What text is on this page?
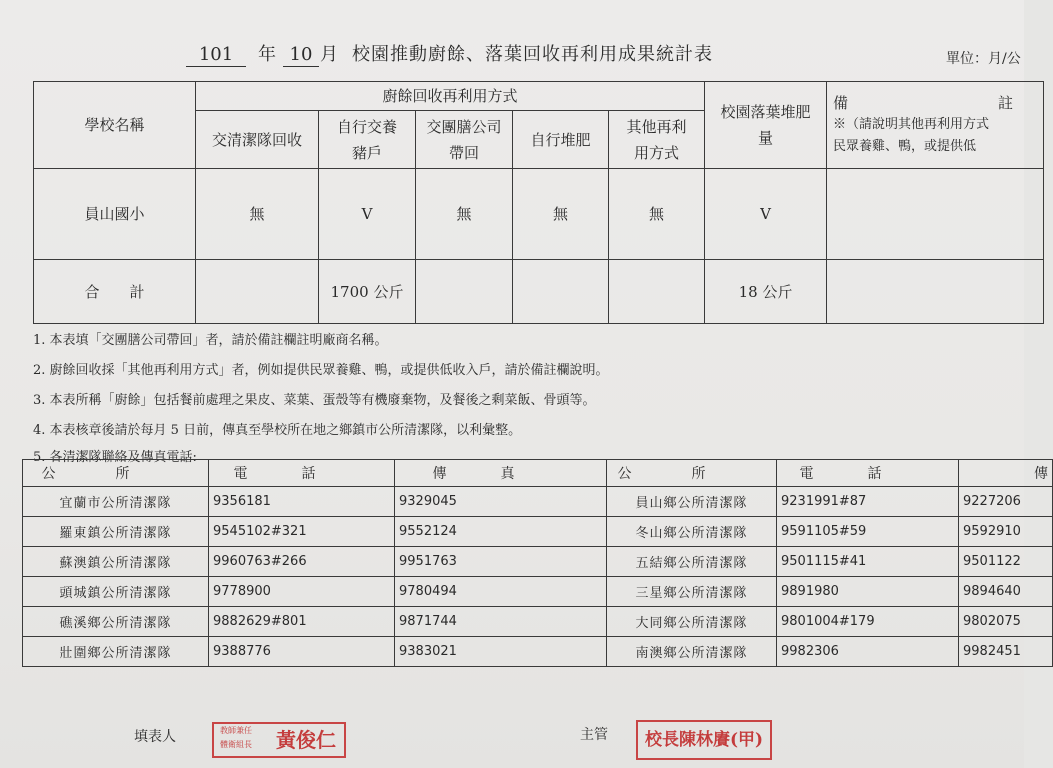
101	年 10 月 校園推動廚餘、落葉回收再利用成果統計表	單位：月/公
學校名稱	廚餘回收再利用方式					校園落葉堆肥量	備　　註
※（請說明其他再利用方式
民眾養雞、鴨，或提供低

	交清潔隊回收	自行交養豬戶	交團膳公司帶回	自行堆肥	其他再利用方式		
員山國小	無	V	無	無	無	V	
合　　計		1700 公斤				18 公斤	
1. 本表填「交團膳公司帶回」者，請於備註欄註明廠商名稱。
2. 廚餘回收採「其他再利用方式」者，例如提供民眾養雞、鴨，或提供低收入戶，請於備註欄說明。
3. 本表所稱「廚餘」包括餐前處理之果皮、菜葉、蛋殼等有機廢棄物，及餐後之剩菜飯、骨頭等。
4. 本表核章後請於每月 5 日前，傳真至學校所在地之鄉鎮市公所清潔隊，以利彙整。
5. 各清潔隊聯絡及傳真電話:
公所	電話	傳真	公所	電話	傳
宜蘭市公所清潔隊	9356181	9329045	員山鄉公所清潔隊	9231991#87	9227206
羅東鎮公所清潔隊	9545102#321	9552124	冬山鄉公所清潔隊	9591105#59	9592910
蘇澳鎮公所清潔隊	9960763#266	9951763	五結鄉公所清潔隊	9501115#41	9501122
頭城鎮公所清潔隊	9778900	9780494	三星鄉公所清潔隊	9891980	9894640
礁溪鄉公所清潔隊	9882629#801	9871744	大同鄉公所清潔隊	9801004#179	9802075
壯圍鄉公所清潔隊	9388776	9383021	南澳鄉公所清潔隊	9982306	9982451
填表人	教師兼任
體衛組長 黃俊仁	主管	校長陳林賡(甲)
